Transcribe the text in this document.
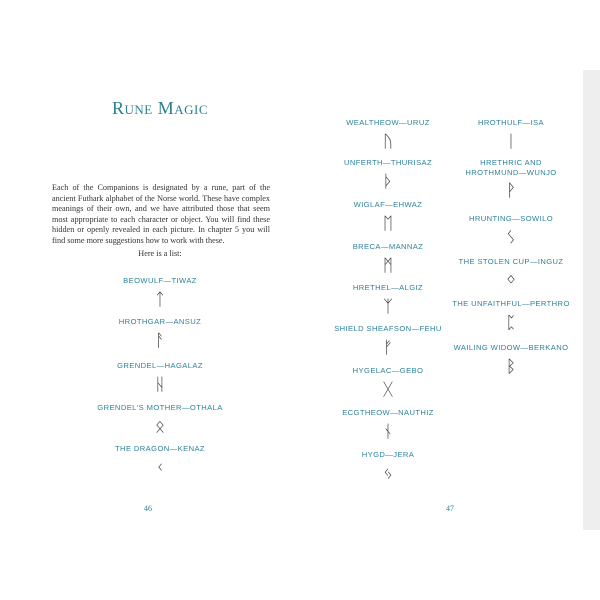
Rune Magic
Each of the Companions is designated by a rune, part of the ancient Futhark alphabet of the Norse world. These have complex meanings of their own, and we have attributed those that seem most appropriate to each character or object. You will find these hidden or openly revealed in each picture. In chapter 5 you will find some more suggestions how to work with these.
Here is a list:
BEOWULF—TIWAZ
ᛏ
HROTHGAR—ANSUZ
ᚨ
GRENDEL—HAGALAZ
ᚺ
GRENDEL'S MOTHER—OTHALA
ᛟ
THE DRAGON—KENAZ
ᚲ
46
WEALTHEOW—URUZ
ᚢ
UNFERTH—THURISAZ
ᚦ
WIGLAF—EHWAZ
ᛖ
BRECA—MANNAZ
ᛗ
HRETHEL—ALGIZ
ᛉ
SHIELD SHEAFSON—FEHU
ᚠ
HYGELAC—GEBO
ᚷ
ECGTHEOW—NAUTHIZ
ᚾ
HYGD—JERA
ᛃ
HROTHULF—ISA
ᛁ
HRETHRIC AND
HROTHMUND—WUNJO
ᚹ
HRUNTING—SOWILO
ᛊ
THE STOLEN CUP—INGUZ
ᛜ
THE UNFAITHFUL—PERTHRO
ᛈ
WAILING WIDOW—BERKANO
ᛒ
47
